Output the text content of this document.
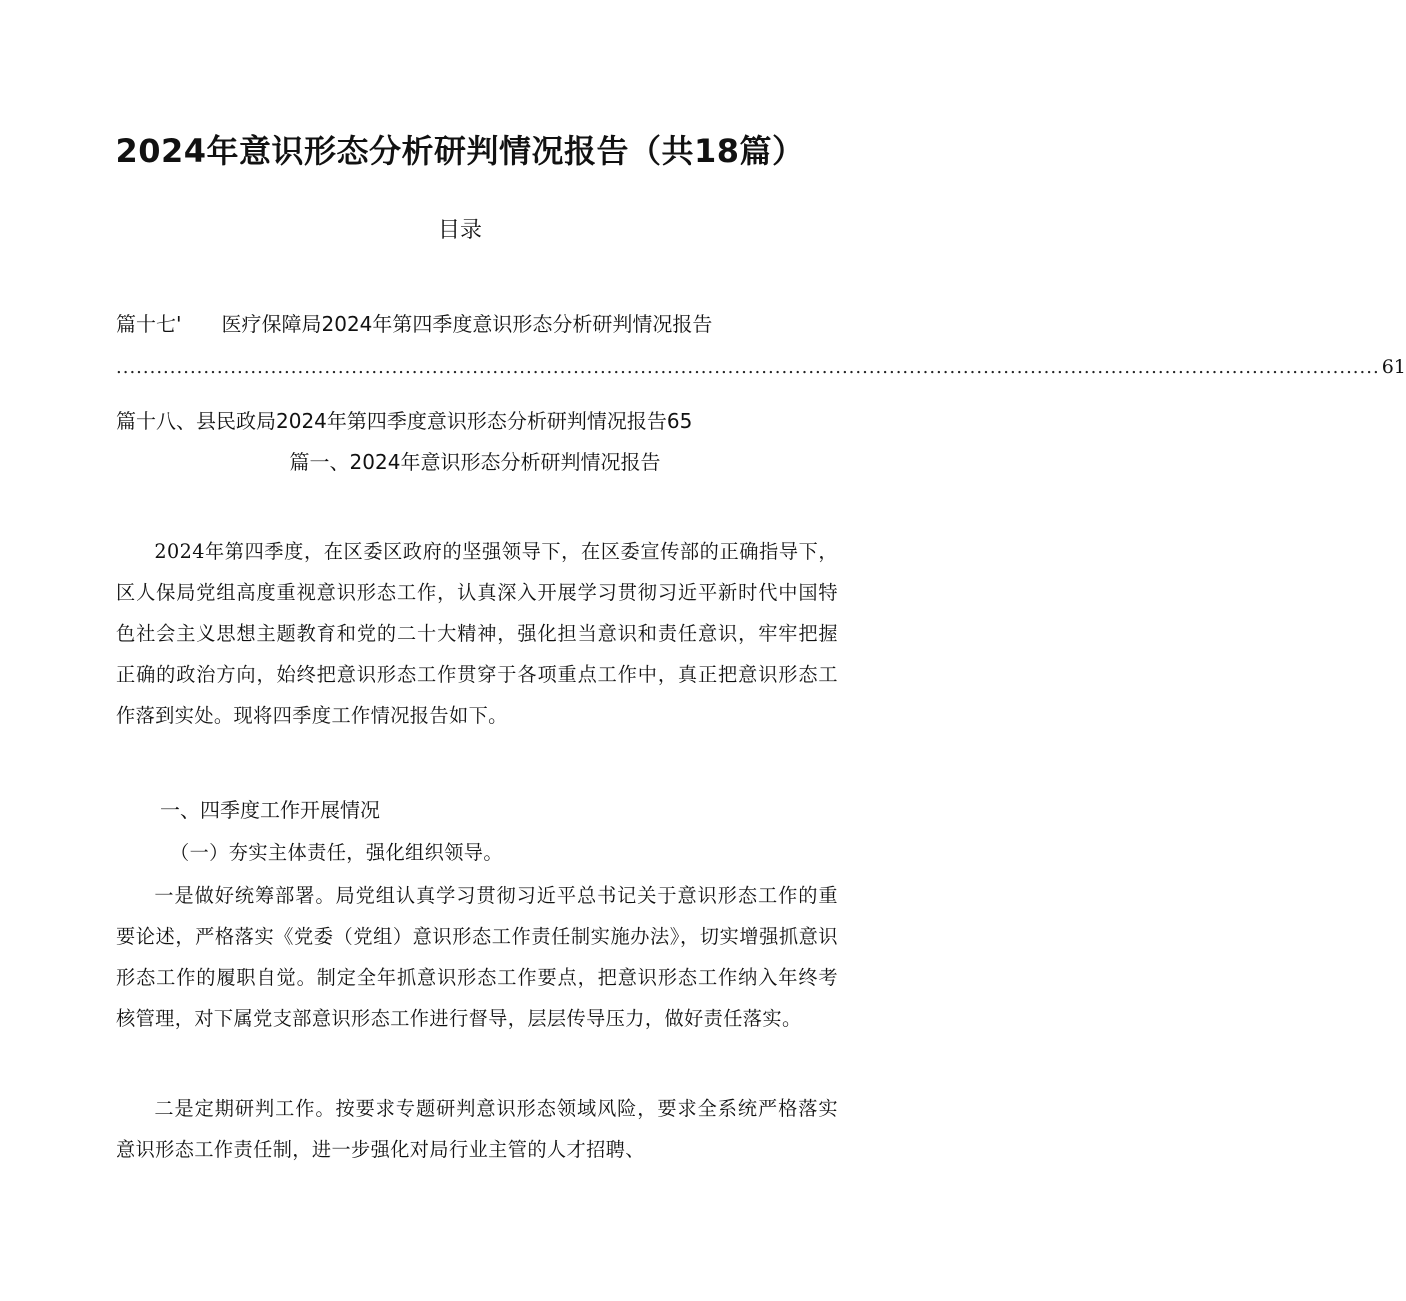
2024年意识形态分析研判情况报告（共18篇）
目录
篇十七' 医疗保障局2024年第四季度意识形态分析研判情况报告
............................................................................................................................................................................................ 61
篇十八、县民政局2024年第四季度意识形态分析研判情况报告65
篇一、2024年意识形态分析研判情况报告

2024年第四季度，在区委区政府的坚强领导下，在区委宣传部的正确指导下，区人保局党组高度重视意识形态工作，认真深入开展学习贯彻习近平新时代中国特色社会主义思想主题教育和党的二十大精神，强化担当意识和责任意识，牢牢把握正确的政治方向，始终把意识形态工作贯穿于各项重点工作中，真正把意识形态工作落到实处。现将四季度工作情况报告如下。

一、四季度工作开展情况
（一）夯实主体责任，强化组织领导。

一是做好统筹部署。局党组认真学习贯彻习近平总书记关于意识形态工作的重要论述，严格落实《党委（党组）意识形态工作责任制实施办法》，切实增强抓意识形态工作的履职自觉。制定全年抓意识形态工作要点，把意识形态工作纳入年终考核管理，对下属党支部意识形态工作进行督导，层层传导压力，做好责任落实。

二是定期研判工作。按要求专题研判意识形态领域风险，要求全系统严格落实意识形态工作责任制，进一步强化对局行业主管的人才招聘、
